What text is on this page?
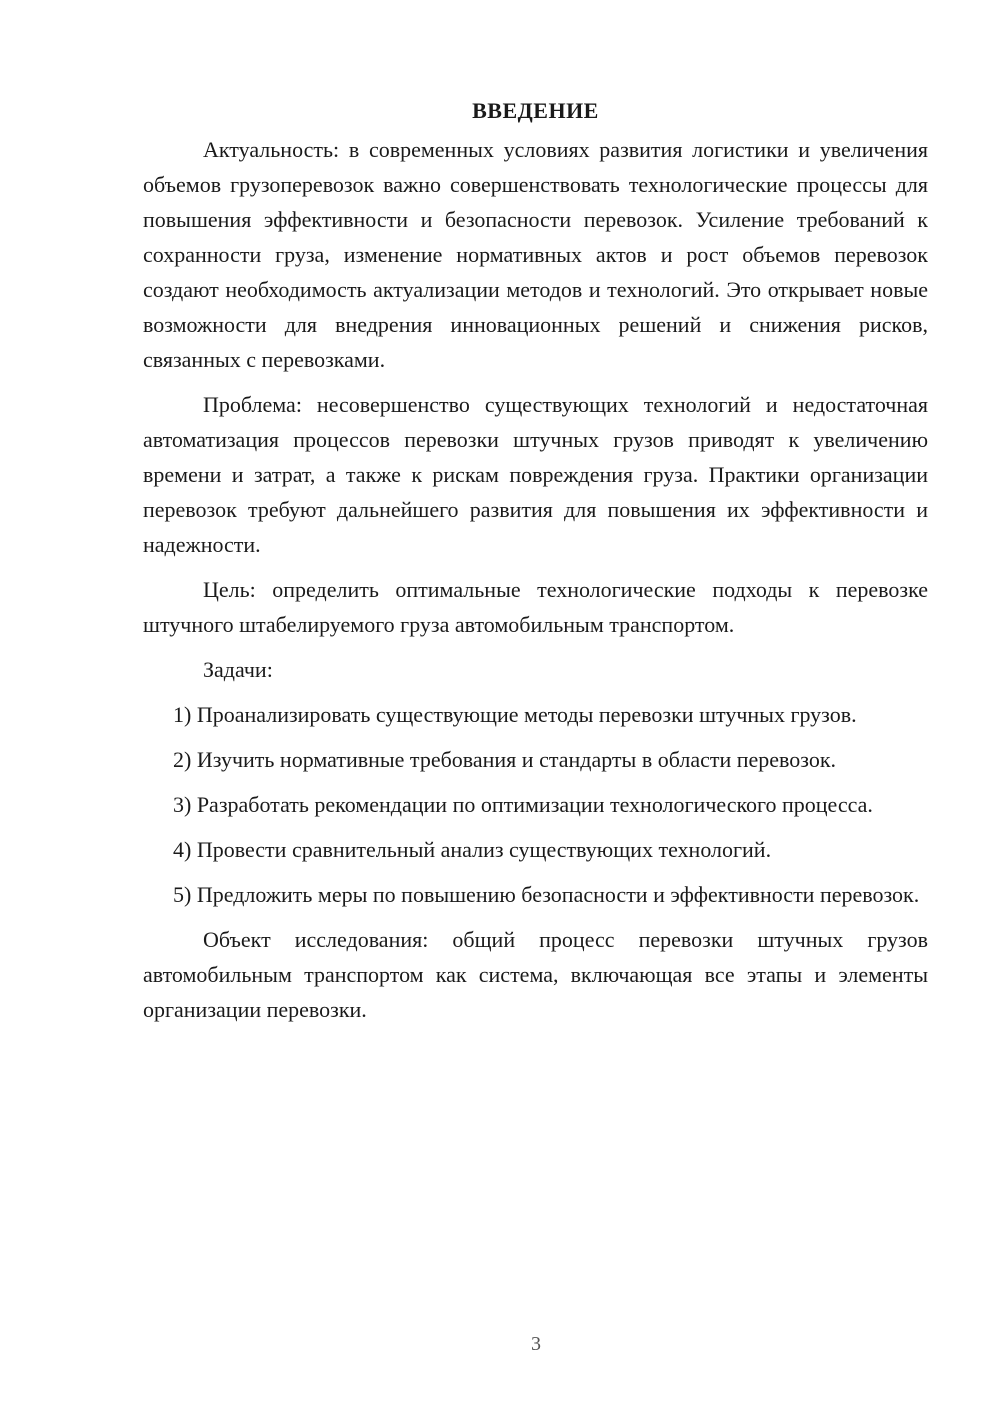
ВВЕДЕНИЕ

Актуальность: в современных условиях развития логистики и увеличения объемов грузоперевозок важно совершенствовать технологические процессы для повышения эффективности и безопасности перевозок. Усиление требований к сохранности груза, изменение нормативных актов и рост объемов перевозок создают необходимость актуализации методов и технологий. Это открывает новые возможности для внедрения инновационных решений и снижения рисков, связанных с перевозками.

Проблема: несовершенство существующих технологий и недостаточная автоматизация процессов перевозки штучных грузов приводят к увеличению времени и затрат, а также к рискам повреждения груза. Практики организации перевозок требуют дальнейшего развития для повышения их эффективности и надежности.

Цель: определить оптимальные технологические подходы к перевозке штучного штабелируемого груза автомобильным транспортом.

Задачи:

1) Проанализировать существующие методы перевозки штучных грузов.

2) Изучить нормативные требования и стандарты в области перевозок.

3) Разработать рекомендации по оптимизации технологического процесса.

4) Провести сравнительный анализ существующих технологий.

5) Предложить меры по повышению безопасности и эффективности перевозок.

Объект исследования: общий процесс перевозки штучных грузов автомобильным транспортом как система, включающая все этапы и элементы организации перевозки.

3
